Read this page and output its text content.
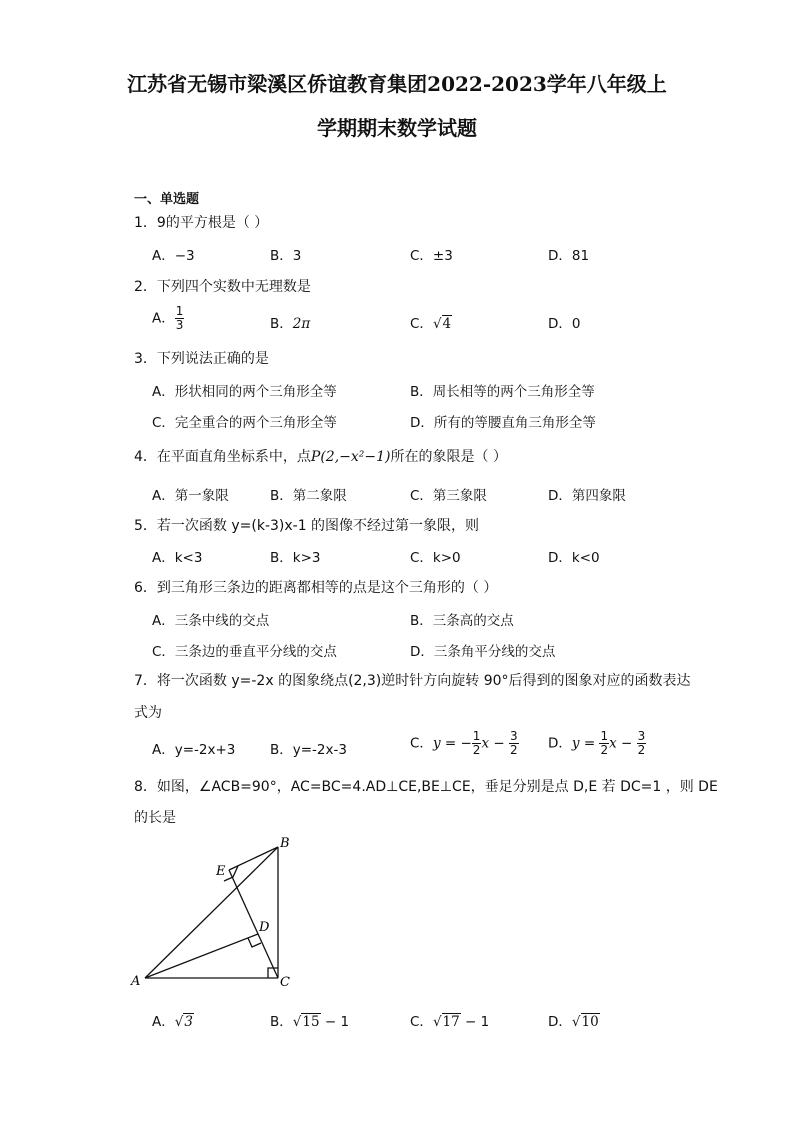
江苏省无锡市梁溪区侨谊教育集团2022-2023学年八年级上
学期期末数学试题
一、单选题
1．9的平方根是（ ）
A．−3	B．3	C．±3	D．81
2．下列四个实数中无理数是
A． $\frac{1}{3}$	B．2π	C．√4	D．0
3．下列说法正确的是
A．形状相同的两个三角形全等	B．周长相等的两个三角形全等
C．完全重合的两个三角形全等	D．所有的等腰直角三角形全等
4．在平面直角坐标系中，点P(2,−x²−1)所在的象限是（ ）
A．第一象限	B．第二象限	C．第三象限	D．第四象限
5．若一次函数 y=(k-3)x-1 的图像不经过第一象限，则
A．k<3	B．k>3	C．k>0	D．k<0
6．到三角形三条边的距离都相等的点是这个三角形的（ ）
A．三条中线的交点	B．三条高的交点
C．三条边的垂直平分线的交点	D．三条角平分线的交点
7．将一次函数 y=-2x 的图象绕点(2,3)逆时针方向旋转 90°后得到的图象对应的函数表达
式为
A．y=-2x+3	B．y=-2x-3	C．y = − $\frac{1}{2}$ $x - \frac{3}{2}$ D．$y = \frac{1}{2}$ $x - \frac{3}{2}$
8．如图，∠ACB=90°，AC=BC=4.AD⊥CE,BE⊥CE，垂足分别是点 D,E 若 DC=1 ，则 DE
的长是
A
B
C
D
E
A．√3	B．√15 − 1	C．√17 − 1	D．√10
